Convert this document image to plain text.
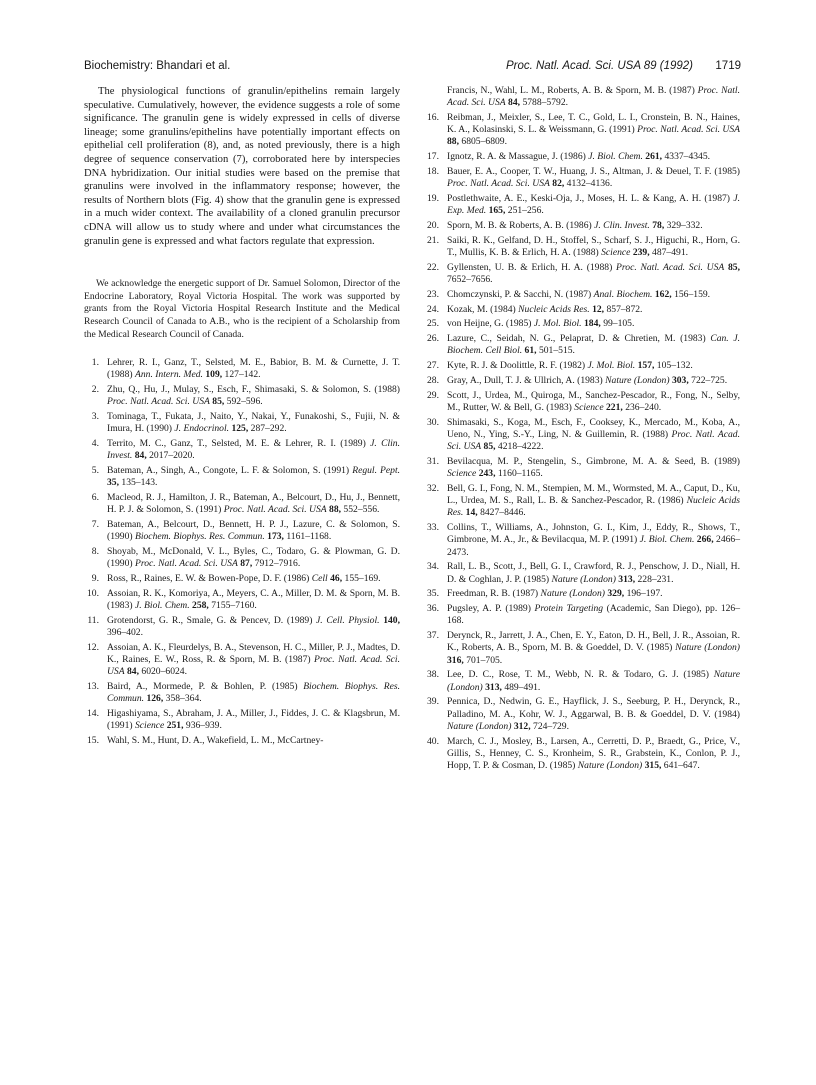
Biochemistry: Bhandari et al.	Proc. Natl. Acad. Sci. USA 89 (1992) 1719

The physiological functions of granulin/epithelins remain largely speculative. Cumulatively, however, the evidence suggests a role of some significance. The granulin gene is widely expressed in cells of diverse lineage; some granulins/epithelins have potentially important effects on epithelial cell proliferation (8), and, as noted previously, there is a high degree of sequence conservation (7), corroborated here by interspecies DNA hybridization. Our initial studies were based on the premise that granulins were involved in the inflammatory response; however, the results of Northern blots (Fig. 4) show that the granulin gene is expressed in a much wider context. The availability of a cloned granulin precursor cDNA will allow us to study where and under what circumstances the granulin gene is expressed and what factors regulate that expression.

We acknowledge the energetic support of Dr. Samuel Solomon, Director of the Endocrine Laboratory, Royal Victoria Hospital. The work was supported by grants from the Royal Victoria Hospital Research Institute and the Medical Research Council of Canada to A.B., who is the recipient of a Scholarship from the Medical Research Council of Canada.

1. Lehrer, R. I., Ganz, T., Selsted, M. E., Babior, B. M. & Curnette, J. T. (1988) Ann. Intern. Med. 109, 127–142.
2. Zhu, Q., Hu, J., Mulay, S., Esch, F., Shimasaki, S. & Solomon, S. (1988) Proc. Natl. Acad. Sci. USA 85, 592–596.
3. Tominaga, T., Fukata, J., Naito, Y., Nakai, Y., Funakoshi, S., Fujii, N. & Imura, H. (1990) J. Endocrinol. 125, 287–292.
4. Territo, M. C., Ganz, T., Selsted, M. E. & Lehrer, R. I. (1989) J. Clin. Invest. 84, 2017–2020.
5. Bateman, A., Singh, A., Congote, L. F. & Solomon, S. (1991) Regul. Pept. 35, 135–143.
6. Macleod, R. J., Hamilton, J. R., Bateman, A., Belcourt, D., Hu, J., Bennett, H. P. J. & Solomon, S. (1991) Proc. Natl. Acad. Sci. USA 88, 552–556.
7. Bateman, A., Belcourt, D., Bennett, H. P. J., Lazure, C. & Solomon, S. (1990) Biochem. Biophys. Res. Commun. 173, 1161–1168.
8. Shoyab, M., McDonald, V. L., Byles, C., Todaro, G. & Plowman, G. D. (1990) Proc. Natl. Acad. Sci. USA 87, 7912–7916.
9. Ross, R., Raines, E. W. & Bowen-Pope, D. F. (1986) Cell 46, 155–169.
10. Assoian, R. K., Komoriya, A., Meyers, C. A., Miller, D. M. & Sporn, M. B. (1983) J. Biol. Chem. 258, 7155–7160.
11. Grotendorst, G. R., Smale, G. & Pencev, D. (1989) J. Cell. Physiol. 140, 396–402.
12. Assoian, A. K., Fleurdelys, B. A., Stevenson, H. C., Miller, P. J., Madtes, D. K., Raines, E. W., Ross, R. & Sporn, M. B. (1987) Proc. Natl. Acad. Sci. USA 84, 6020–6024.
13. Baird, A., Mormede, P. & Bohlen, P. (1985) Biochem. Biophys. Res. Commun. 126, 358–364.
14. Higashiyama, S., Abraham, J. A., Miller, J., Fiddes, J. C. & Klagsbrun, M. (1991) Science 251, 936–939.
15. Wahl, S. M., Hunt, D. A., Wakefield, L. M., McCartney-
Francis, N., Wahl, L. M., Roberts, A. B. & Sporn, M. B. (1987) Proc. Natl. Acad. Sci. USA 84, 5788–5792.
16. Reibman, J., Meixler, S., Lee, T. C., Gold, L. I., Cronstein, B. N., Haines, K. A., Kolasinski, S. L. & Weissmann, G. (1991) Proc. Natl. Acad. Sci. USA 88, 6805–6809.
17. Ignotz, R. A. & Massague, J. (1986) J. Biol. Chem. 261, 4337–4345.
18. Bauer, E. A., Cooper, T. W., Huang, J. S., Altman, J. & Deuel, T. F. (1985) Proc. Natl. Acad. Sci. USA 82, 4132–4136.
19. Postlethwaite, A. E., Keski-Oja, J., Moses, H. L. & Kang, A. H. (1987) J. Exp. Med. 165, 251–256.
20. Sporn, M. B. & Roberts, A. B. (1986) J. Clin. Invest. 78, 329–332.
21. Saiki, R. K., Gelfand, D. H., Stoffel, S., Scharf, S. J., Higuchi, R., Horn, G. T., Mullis, K. B. & Erlich, H. A. (1988) Science 239, 487–491.
22. Gyllensten, U. B. & Erlich, H. A. (1988) Proc. Natl. Acad. Sci. USA 85, 7652–7656.
23. Chomczynski, P. & Sacchi, N. (1987) Anal. Biochem. 162, 156–159.
24. Kozak, M. (1984) Nucleic Acids Res. 12, 857–872.
25. von Heijne, G. (1985) J. Mol. Biol. 184, 99–105.
26. Lazure, C., Seidah, N. G., Pelaprat, D. & Chretien, M. (1983) Can. J. Biochem. Cell Biol. 61, 501–515.
27. Kyte, R. J. & Doolittle, R. F. (1982) J. Mol. Biol. 157, 105–132.
28. Gray, A., Dull, T. J. & Ullrich, A. (1983) Nature (London) 303, 722–725.
29. Scott, J., Urdea, M., Quiroga, M., Sanchez-Pescador, R., Fong, N., Selby, M., Rutter, W. & Bell, G. (1983) Science 221, 236–240.
30. Shimasaki, S., Koga, M., Esch, F., Cooksey, K., Mercado, M., Koba, A., Ueno, N., Ying, S.-Y., Ling, N. & Guillemin, R. (1988) Proc. Natl. Acad. Sci. USA 85, 4218–4222.
31. Bevilacqua, M. P., Stengelin, S., Gimbrone, M. A. & Seed, B. (1989) Science 243, 1160–1165.
32. Bell, G. I., Fong, N. M., Stempien, M. M., Wormsted, M. A., Caput, D., Ku, L., Urdea, M. S., Rall, L. B. & Sanchez-Pescador, R. (1986) Nucleic Acids Res. 14, 8427–8446.
33. Collins, T., Williams, A., Johnston, G. I., Kim, J., Eddy, R., Shows, T., Gimbrone, M. A., Jr., & Bevilacqua, M. P. (1991) J. Biol. Chem. 266, 2466–2473.
34. Rall, L. B., Scott, J., Bell, G. I., Crawford, R. J., Penschow, J. D., Niall, H. D. & Coghlan, J. P. (1985) Nature (London) 313, 228–231.
35. Freedman, R. B. (1987) Nature (London) 329, 196–197.
36. Pugsley, A. P. (1989) Protein Targeting (Academic, San Diego), pp. 126–168.
37. Derynck, R., Jarrett, J. A., Chen, E. Y., Eaton, D. H., Bell, J. R., Assoian, R. K., Roberts, A. B., Sporn, M. B. & Goeddel, D. V. (1985) Nature (London) 316, 701–705.
38. Lee, D. C., Rose, T. M., Webb, N. R. & Todaro, G. J. (1985) Nature (London) 313, 489–491.
39. Pennica, D., Nedwin, G. E., Hayflick, J. S., Seeburg, P. H., Derynck, R., Palladino, M. A., Kohr, W. J., Aggarwal, B. B. & Goeddel, D. V. (1984) Nature (London) 312, 724–729.
40. March, C. J., Mosley, B., Larsen, A., Cerretti, D. P., Braedt, G., Price, V., Gillis, S., Henney, C. S., Kronheim, S. R., Grabstein, K., Conlon, P. J., Hopp, T. P. & Cosman, D. (1985) Nature (London) 315, 641–647.
